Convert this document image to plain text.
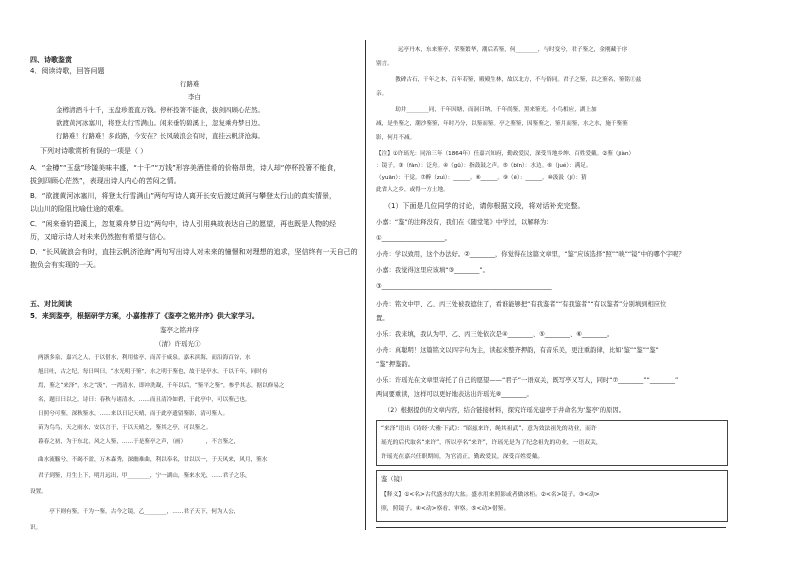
四、诗歌鉴赏
4．阅读诗歌，回答问题
行路难
李白
金樽清酒斗十千，玉盘珍羞直万钱。停杯投箸不能食，拔剑四顾心茫然。
欲渡黄河冰塞川，将登太行雪满山。闲来垂钓碧溪上，忽复乘舟梦日边。
行路难！行路难！多歧路，今安在？长风破浪会有时，直挂云帆济沧海。
下列对诗歌赏析有误的一项是（ ）
A．“金樽”“玉盘”珍馐美味丰盛，“十千”“万钱”形容美酒佳肴的价格昂贵，诗人却“停杯投箸不能食，
拔剑四顾心茫然”，表现出诗人内心的苦闷之情。
B．“欲渡黄河冰塞川，将登太行雪满山”两句写诗人离开长安后渡过黄河与攀登太行山的真实情景，
以山川的险阻比喻仕途的艰难。
C．“闲来垂钓碧溪上，忽复乘舟梦日边”两句中，诗人引用典故表达自己的愿望，再也既是人物的经
历，又暗示诗人对未来仍然抱有希望与信心。
D．“长风破浪会有时，直挂云帆济沧海”两句写出诗人对未来的憧憬和对理想的追求，坚信终有一天自己的
抱负会有实现的一天。
五、对比阅读
5．来到鉴亭，根据研学方案，小嘉推荐了《鉴亭之铭并序》供大家学习。
鉴亭之铭并序
（清）许瑶光①
两浙多泉，嘉兴之人，于以借水，利用盐亭，而苦于咸泉。嘉禾滨海，而沿海百谷，水
旭日吐，古之纪，每日叫曰，“水光明于鉴”，水之明于鉴也，故于是亭水。千以千年，同时有
焉，鉴之“来泽”，水之“汲”，一湾清水，即冲洗凝，千年以后，“鉴平之鉴”，参乎其志，据以修易之
名，题日曰以之。诗曰：春秋与诸清水，……而且清冷如碧，于此亭中，可以鉴己也。
日照兮可鉴，深秋鉴水，……来以日记天晴，而于此亭遗留鉴影，清可鉴人。
苗为鸟鸟，天之雨水，安以言于，于以天晴之，鉴其之亭，可以鉴之。
暮春之初，为于东北，风之人鉴，……于是鉴亭之声，（画）　　　　，不言鉴之，
曲水流觞兮，不竭不盈，万木森秀，深幽难曲，利以奉名，甘以以一，于天风来，风月，鉴水
君子到鉴，月生上下，明月远出，甲________，宁一湖山，鉴来水光，……君子之乐，
设置。
　　亭下则有鉴，千为一鉴，古今之镜，乙________，……君子天下，何为人公，
识。
远亭丹木，东来鉴亭，荣鉴繁华，潮后若鉴，何________，与时变兮，君子鉴之，金刚藏于序
别言。
　　教碑古石，干年之本，百年若鉴，殿殿生林，故以北方，不与俗同。君子之鉴，以之鉴名，鉴铭①兹
亲。
　　劫井________同，千年因塘，而洞曰纳，千年尚鉴，黑来鉴光。小鸟相应，湖上加
减，是坐鉴之，潮沙鉴鉴，年时乃分，以鉴而鉴。亭之鉴鉴，因鉴鉴之，鉴月而鉴，水之水，施千鉴鉴
影，何月不减。
【注】①许瑶光：同治三年（1864年）任嘉兴知府，勤政爱民，深受当地乡绅、百姓爱戴。②鉴（jiàn）
：镜子。③（fàn）：泛舟。④（gǔ）：指鼓鼓之声。⑤（bīn）：水边。⑥（jué）：满足。
（yuān）：干觉。⑦醉（zuì）：______。⑧______。⑨（ē）：______。⑩汲汲（jí）：猜
此省人之乡，或得一方土地。
（1）下面是几位同学的讨论，请你根据文段，将对话补充完整。
小嘉：“鉴”的注释没有，我们在《随堂笔》中学过，以解释为：
①____________________。
小舟：学以致用，这个办法好。②________，你觉得在这篇文章里，“鉴”应该选择“照”“映”“镜”中的哪个字呢？
小嘉：我觉得这里应该填“③________”。
③______________________________________________________
小舟：铭文中甲、乙、丙三处被我遮住了，看谁能够把“有我鉴者”“有我鉴者”“有以鉴者”分别填到相应位
置。
小乐：我来填，我认为甲、乙、丙三处依次是④________、⑤________、⑥________。
小舟：真聪明！这篇铭文以四字句为主，读起来整齐押韵，有音乐美，更注重韵律，比如‘鉴”“鉴”“鉴”
“鉴”押鉴韵。
小乐：许瑶光在文章里寄托了自己的愿望——“君子”一语双关，既写亭又写人，同时“⑦________”“________”
两词要重读，这样可以更好地表达出许瑶光⑧________。
（2）根据提供的文章内容，结合链接材料，探究许瑶光建亭于井命名为‘鉴亭’的原因。
“来泽”语出《诗经·大雅·下武》：“昭兹来许，绳其祖武”，意为效法祖先的功业，而许
瑶光的后代取名“来许”，所以亭名“来许”，许瑶光是为了纪念祖先的功业，一语双关，
许瑶光在嘉兴任职期间，为官清正，勤政爱民，深受百姓爱戴。
鉴（镜）
【释义】①<名>古代盛水的大盆。盛水用来照影或者做冰柜。②<名>镜子。③<动>
照，照镜子。④<动>察看、审察。⑤<动>借鉴。
